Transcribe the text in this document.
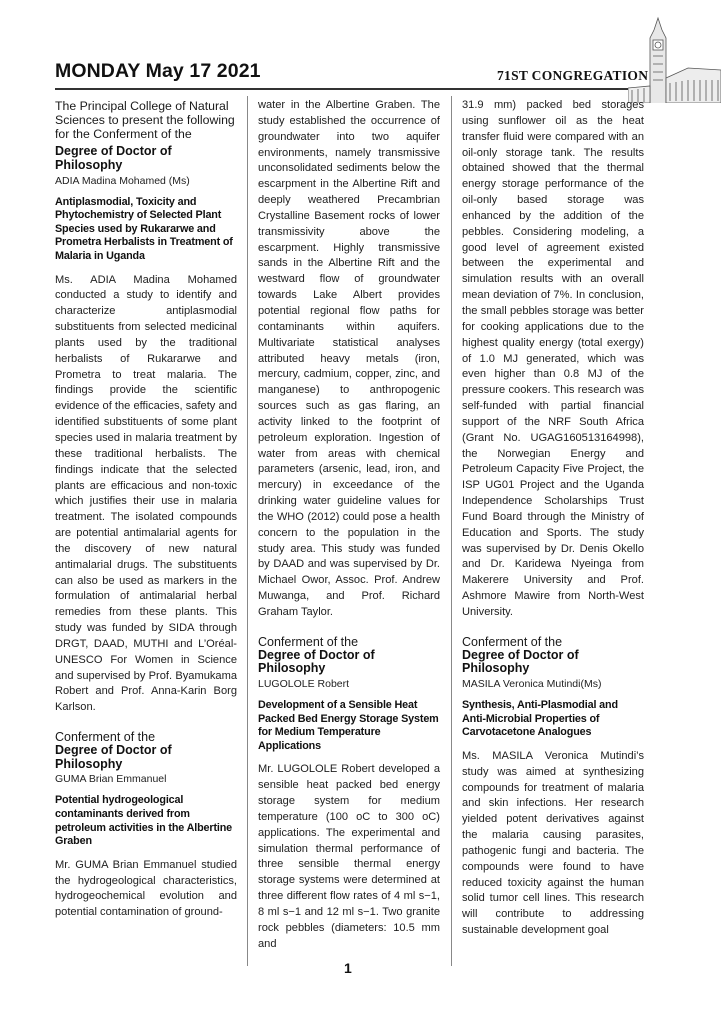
MONDAY May 17 2021	71ST CONGREGATION

The Principal College of Natural Sciences to present the following for the Conferment of the

Degree of Doctor of Philosophy

ADIA Madina Mohamed (Ms)

Antiplasmodial, Toxicity and Phytochemistry of Selected Plant Species used by Rukararwe and Prometra Herbalists in Treatment of Malaria in Uganda

Ms. ADIA Madina Mohamed conducted a study to identify and characterize antiplasmodial substituents from selected medicinal plants used by the traditional herbalists of Rukararwe and Prometra to treat malaria. The findings provide the scientific evidence of the efficacies, safety and identified substituents of some plant species used in malaria treatment by these traditional herbalists. The findings indicate that the selected plants are efficacious and non-toxic which justifies their use in malaria treatment. The isolated compounds are potential antimalarial agents for the discovery of new natural antimalarial drugs. The substituents can also be used as markers in the formulation of antimalarial herbal remedies from these plants. This study was funded by SIDA through DRGT, DAAD, MUTHI and L’Oréal-UNESCO For Women in Science and supervised by Prof. Byamukama Robert and Prof. Anna-Karin Borg Karlson.

Conferment of the

Degree of Doctor of Philosophy

GUMA Brian Emmanuel

Potential hydrogeological contaminants derived from petroleum activities in the Albertine Graben

Mr. GUMA Brian Emmanuel studied the hydrogeological characteristics, hydrogeochemical evolution and potential contamination of ground-

water in the Albertine Graben. The study established the occurrence of groundwater into two aquifer environments, namely transmissive unconsolidated sediments below the escarpment in the Albertine Rift and deeply weathered Precambrian Crystalline Basement rocks of lower transmissivity above the escarpment. Highly transmissive sands in the Albertine Rift and the westward flow of groundwater towards Lake Albert provides potential regional flow paths for contaminants within aquifers. Multivariate statistical analyses attributed heavy metals (iron, mercury, cadmium, copper, zinc, and manganese) to anthropogenic sources such as gas flaring, an activity linked to the footprint of petroleum exploration. Ingestion of water from areas with chemical parameters (arsenic, lead, iron, and mercury) in exceedance of the drinking water guideline values for the WHO (2012) could pose a health concern to the population in the study area. This study was funded by DAAD and was supervised by Dr. Michael Owor, Assoc. Prof. Andrew Muwanga, and Prof. Richard Graham Taylor.

Conferment of the

Degree of Doctor of Philosophy

LUGOLOLE Robert

Development of a Sensible Heat Packed Bed Energy Storage System for Medium Temperature Applications

Mr. LUGOLOLE Robert developed a sensible heat packed bed energy storage system for medium temperature (100 oC to 300 oC) applications. The experimental and simulation thermal performance of three sensible thermal energy storage systems were determined at three different flow rates of 4 ml s−1, 8 ml s−1 and 12 ml s−1. Two granite rock pebbles (diameters: 10.5 mm and

31.9 mm) packed bed storages using sunflower oil as the heat transfer fluid were compared with an oil-only storage tank. The results obtained showed that the thermal energy storage performance of the oil-only based storage was enhanced by the addition of the pebbles. Considering modeling, a good level of agreement existed between the experimental and simulation results with an overall mean deviation of 7%. In conclusion, the small pebbles storage was better for cooking applications due to the highest quality energy (total exergy) of 1.0 MJ generated, which was even higher than 0.8 MJ of the pressure cookers. This research was self-funded with partial financial support of the NRF South Africa (Grant No. UGAG160513164998), the Norwegian Energy and Petroleum Capacity Five Project, the ISP UG01 Project and the Uganda Independence Scholarships Trust Fund Board through the Ministry of Education and Sports. The study was supervised by Dr. Denis Okello and Dr. Karidewa Nyeinga from Makerere University and Prof. Ashmore Mawire from North-West University.

Conferment of the

Degree of Doctor of Philosophy

MASILA Veronica Mutindi(Ms)

Synthesis, Anti-Plasmodial and Anti-Microbial Properties of Carvotacetone Analogues

Ms. MASILA Veronica Mutindi’s study was aimed at synthesizing compounds for treatment of malaria and skin infections. Her research yielded potent derivatives against the malaria causing parasites, pathogenic fungi and bacteria. The compounds were found to have reduced toxicity against the human solid tumor cell lines. This research will contribute to addressing sustainable development goal

1
